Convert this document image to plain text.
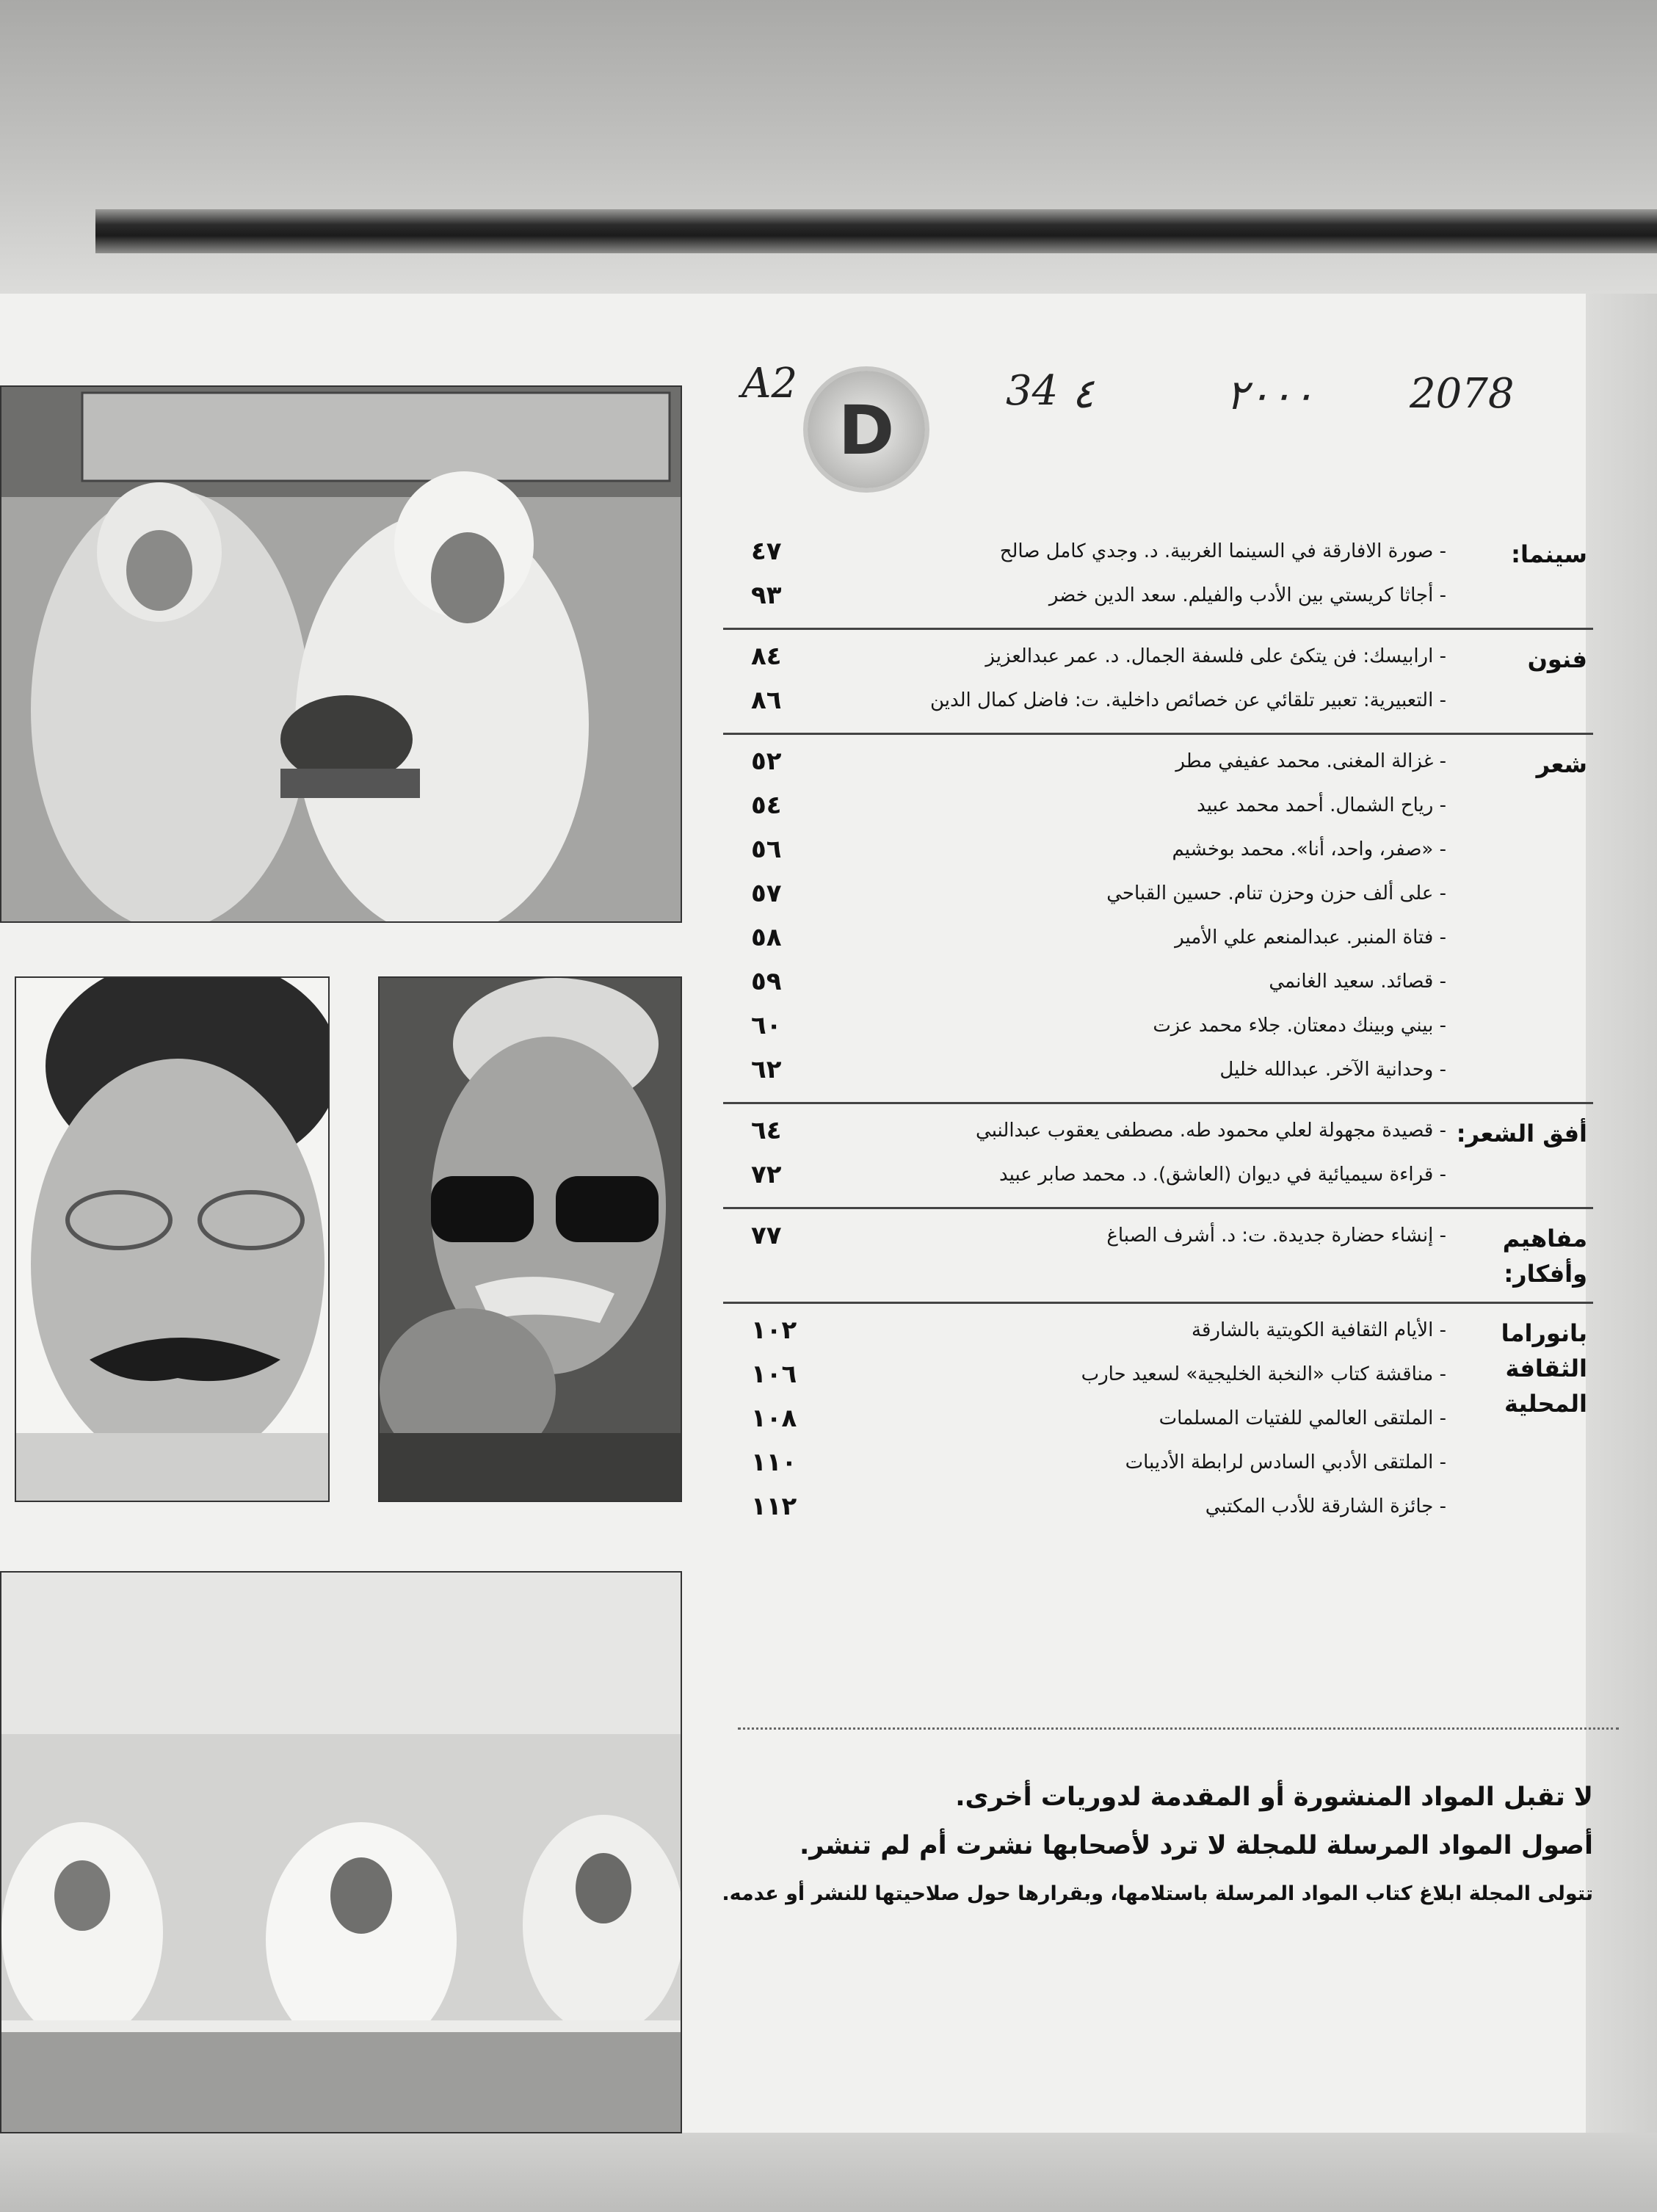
A2	34 ٤	٢٠٠٠ 2078
D
سينما:
- صورة الافارقة في السينما الغربية. د. وجدي كامل صالح
- أجاثا كريستي بين الأدب والفيلم. سعد الدين خضر
٤٧
٩٣
فنون
- ارابيسك: فن يتكئ على فلسفة الجمال. د. عمر عبدالعزيز
- التعبيرية: تعبير تلقائي عن خصائص داخلية. ت: فاضل كمال الدين
٨٤
٨٦
شعر
- غزالة المغنى. محمد عفيفي مطر
- رياح الشمال. أحمد محمد عبيد
- «صفر، واحد، أنا». محمد بوخشيم
- على ألف حزن وحزن تنام. حسين القباحي
- فتاة المنبر. عبدالمنعم علي الأمير
- قصائد. سعيد الغانمي
- بيني وبينك دمعتان. جلاء محمد عزت
- وحدانية الآخر. عبدالله خليل
٥٢
٥٤
٥٦
٥٧
٥٨
٥٩
٦٠
٦٢
أفق الشعر:
- قصيدة مجهولة لعلي محمود طه. مصطفى يعقوب عبدالنبي
- قراءة سيميائية في ديوان (العاشق). د. محمد صابر عبيد
٦٤
٧٢
مفاهيم وأفكار:
- إنشاء حضارة جديدة. ت: د. أشرف الصباغ
٧٧
بانوراما الثقافة المحلية
- الأيام الثقافية الكويتية بالشارقة
- مناقشة كتاب «النخبة الخليجية» لسعيد حارب
- الملتقى العالمي للفتيات المسلمات
- الملتقى الأدبي السادس لرابطة الأديبات
- جائزة الشارقة للأدب المكتبي
١٠٢
١٠٦
١٠٨
١١٠
١١٢
لا تقبل المواد المنشورة أو المقدمة لدوريات أخرى.
أصول المواد المرسلة للمجلة لا ترد لأصحابها نشرت أم لم تنشر.
تتولى المجلة ابلاغ كتاب المواد المرسلة باستلامها، وبقرارها حول صلاحيتها للنشر أو عدمه.
